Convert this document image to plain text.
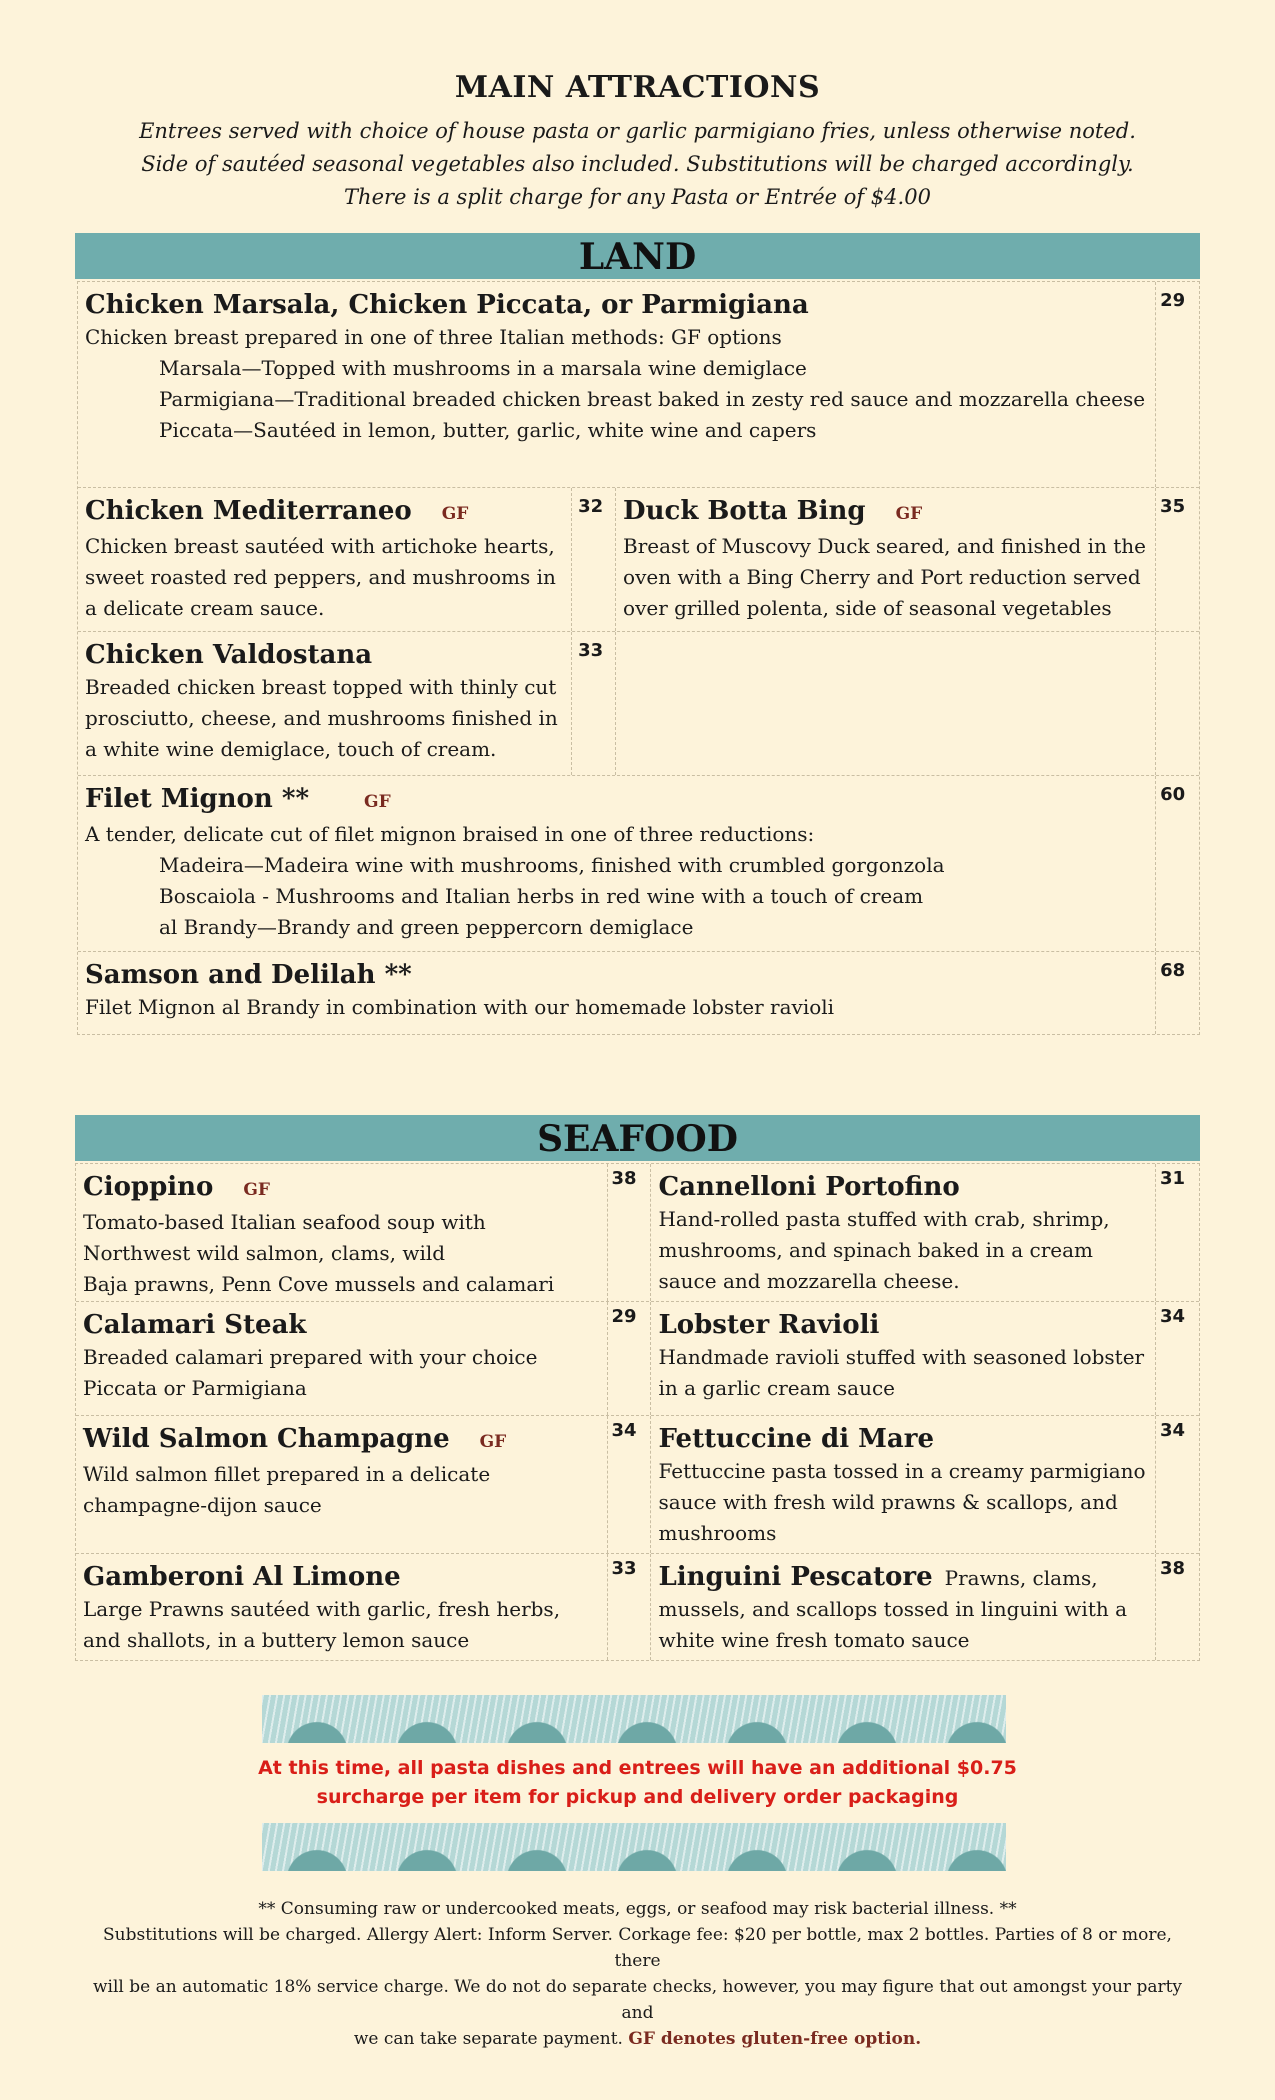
MAIN ATTRACTIONS

Entrees served with choice of house pasta or garlic parmigiano fries, unless otherwise noted.

Side of sautéed seasonal vegetables also included. Substitutions will be charged accordingly.

There is a split charge for any Pasta or Entrée of $4.00

LAND
Chicken Marsala, Chicken Piccata, or Parmigiana
Chicken breast prepared in one of three Italian methods: GF options
Marsala—Topped with mushrooms in a marsala wine demiglace
Parmigiana—Traditional breaded chicken breast baked in zesty red sauce and mozzarella cheese
Piccata—Sautéed in lemon, butter, garlic, white wine and capers
29
Chicken Mediterraneo GF
Chicken breast sautéed with artichoke hearts,
sweet roasted red peppers, and mushrooms in
a delicate cream sauce.
32 Duck Botta Bing GF
Breast of Muscovy Duck seared, and finished in the
oven with a Bing Cherry and Port reduction served
over grilled polenta, side of seasonal vegetables
35
Chicken Valdostana
Breaded chicken breast topped with thinly cut
prosciutto, cheese, and mushrooms finished in
a white wine demiglace, touch of cream.
33
Filet Mignon **	GF
A tender, delicate cut of filet mignon braised in one of three reductions:
Madeira—Madeira wine with mushrooms, finished with crumbled gorgonzola
Boscaiola - Mushrooms and Italian herbs in red wine with a touch of cream
al Brandy—Brandy and green peppercorn demiglace
60
Samson and Delilah **
Filet Mignon al Brandy in combination with our homemade lobster ravioli
68
SEAFOOD
Cioppino GF
Tomato-based Italian seafood soup with
Northwest wild salmon, clams, wild
Baja prawns, Penn Cove mussels and calamari
38 Cannelloni Portofino
Hand-rolled pasta stuffed with crab, shrimp,
mushrooms, and spinach baked in a cream
sauce and mozzarella cheese.
31
Calamari Steak
Breaded calamari prepared with your choice
Piccata or Parmigiana
29 Lobster Ravioli
Handmade ravioli stuffed with seasoned lobster
in a garlic cream sauce
34
Wild Salmon Champagne GF
Wild salmon fillet prepared in a delicate
champagne-dijon sauce
34 Fettuccine di Mare
Fettuccine pasta tossed in a creamy parmigiano
sauce with fresh wild prawns & scallops, and
mushrooms
34
Gamberoni Al Limone
Large Prawns sautéed with garlic, fresh herbs,
and shallots, in a buttery lemon sauce
33 Linguini Pescatore Prawns, clams,
mussels, and scallops tossed in linguini with a
white wine fresh tomato sauce
38
At this time, all pasta dishes and entrees will have an additional $0.75
surcharge per item for pickup and delivery order packaging
** Consuming raw or undercooked meats, eggs, or seafood may risk bacterial illness. **
Substitutions will be charged. Allergy Alert: Inform Server. Corkage fee: $20 per bottle, max 2 bottles. Parties of 8 or more, there
will be an automatic 18% service charge. We do not do separate checks, however, you may figure that out amongst your party and
we can take separate payment. GF denotes gluten-free option.
